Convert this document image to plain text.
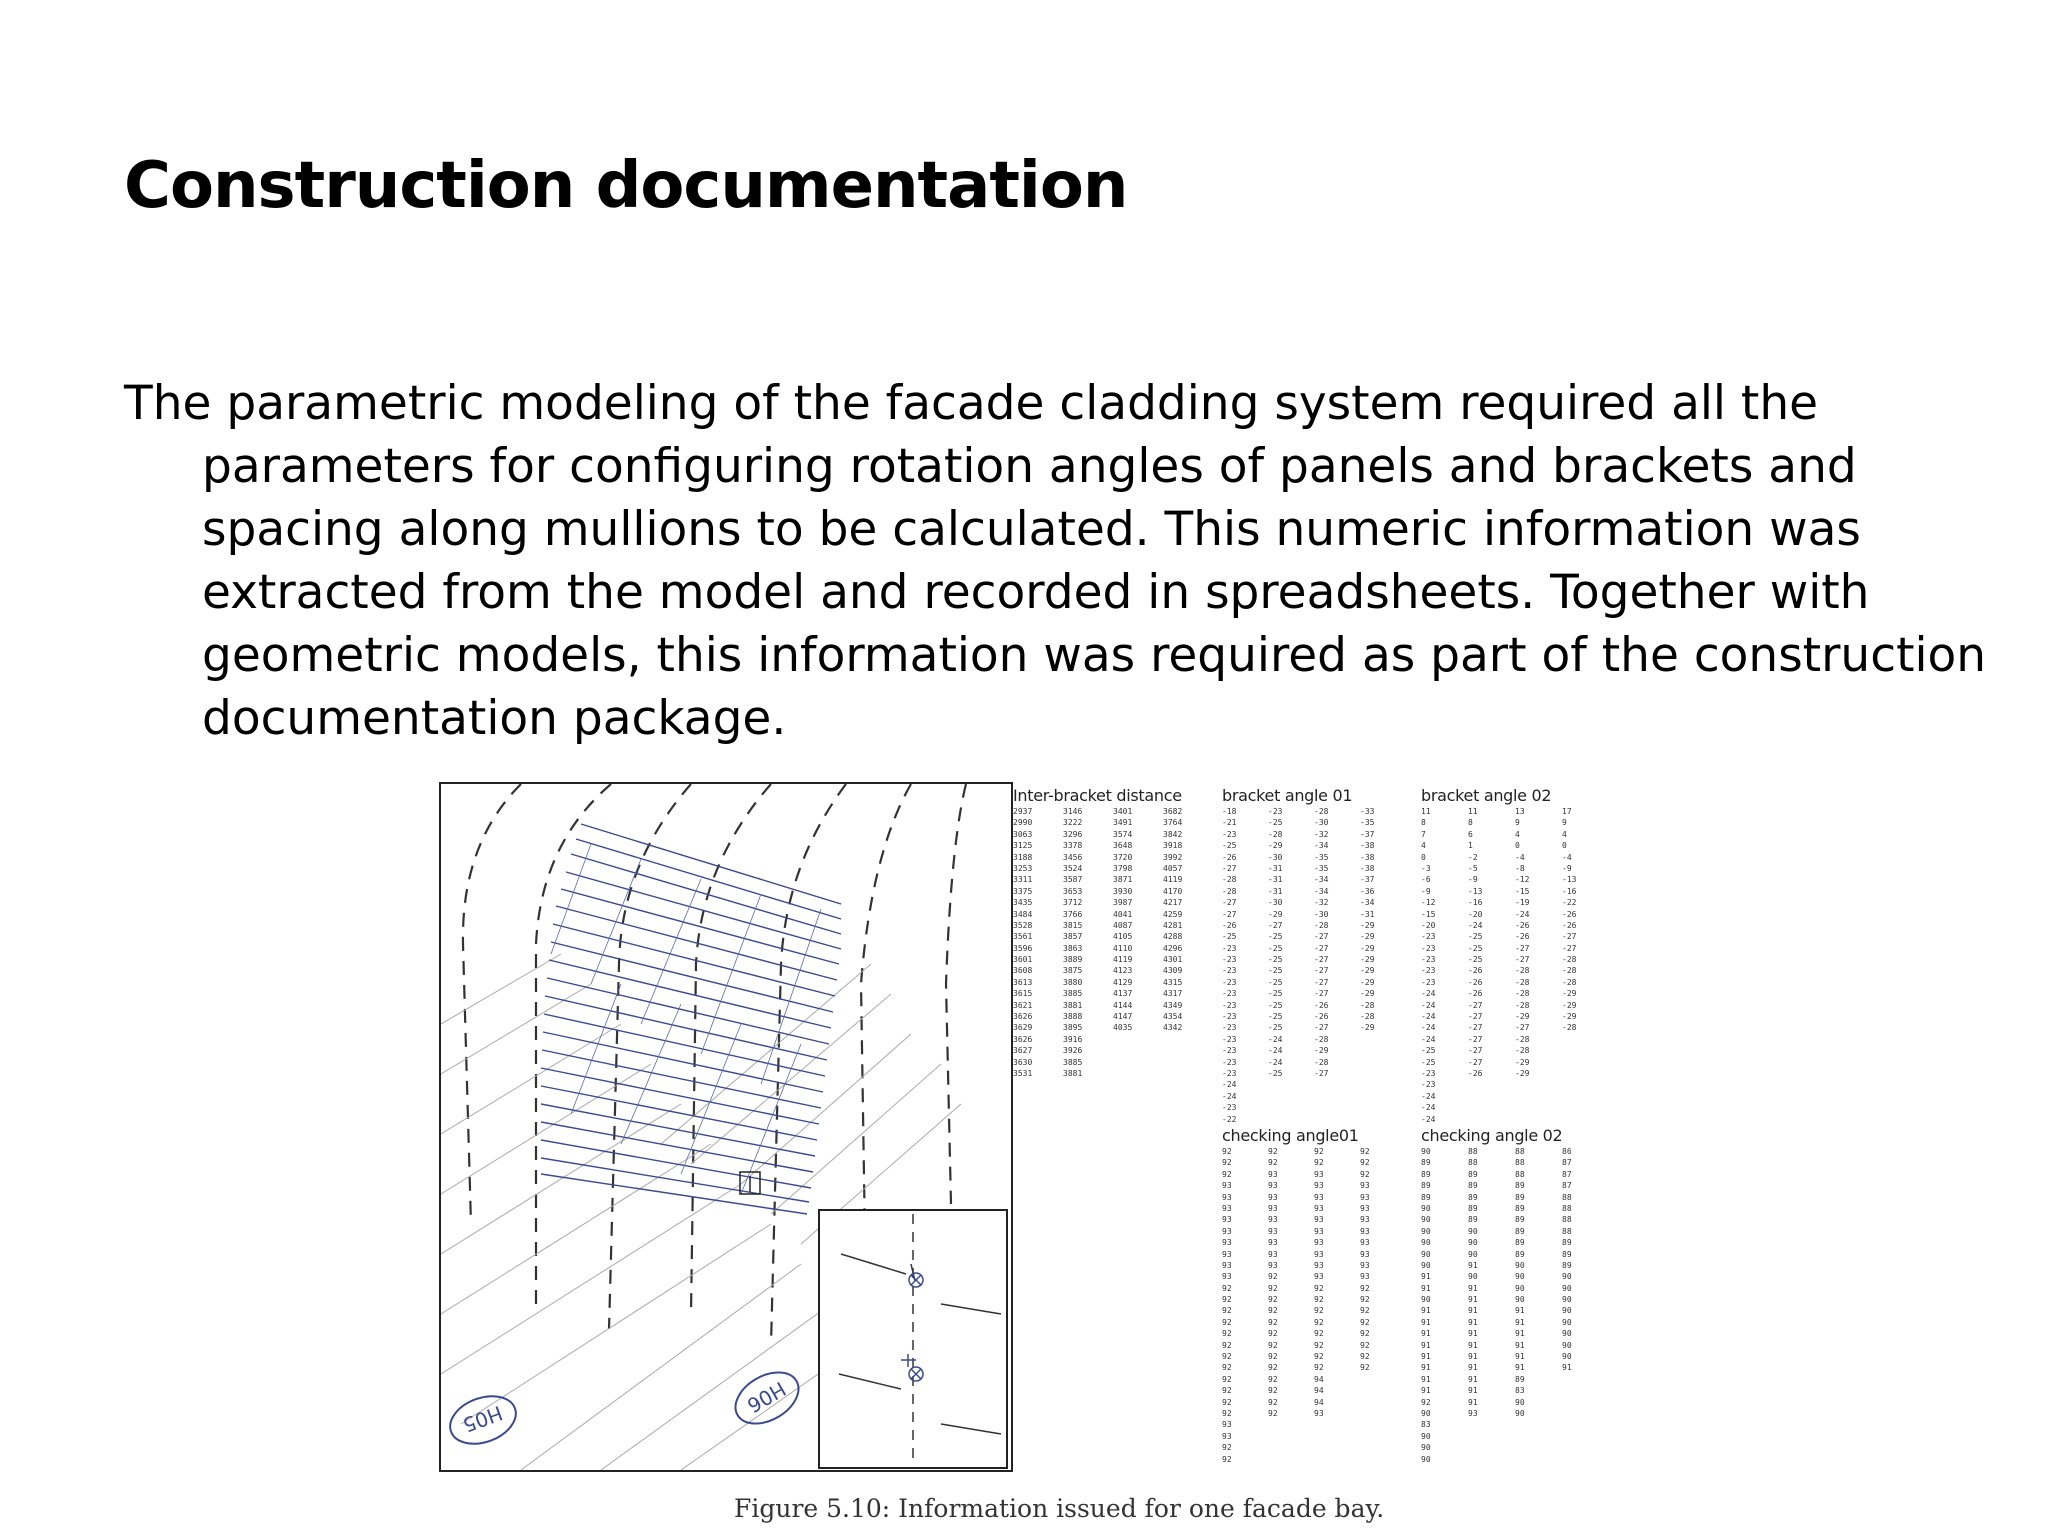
Construction documentation

The parametric modeling of the facade cladding system required all the parameters for configuring rotation angles of panels and brackets and spacing along mullions to be calculated. This numeric information was extracted from the model and recorded in spreadsheets. Together with geometric models, this information was required as part of the construction documentation package.

H05
H06
Inter-bracket distance
2937
2990
3063
3125
3188
3253
3311
3375
3435
3484
3528
3561
3596
3601
3608
3613
3615
3621
3626
3629
3626
3627
3630
3531
3146
3222
3296
3378
3456
3524
3587
3653
3712
3766
3815
3857
3863
3889
3875
3880
3885
3881
3888
3895
3916
3926
3885
3881
3401
3491
3574
3648
3720
3798
3871
3930
3987
4041
4087
4105
4110
4119
4123
4129
4137
4144
4147
4035
3682
3764
3842
3918
3992
4057
4119
4170
4217
4259
4281
4288
4296
4301
4309
4315
4317
4349
4354
4342
bracket angle 01
-18
-21
-23
-25
-26
-27
-28
-28
-27
-27
-26
-25
-23
-23
-23
-23
-23
-23
-23
-23
-23
-23
-23
-23
-24
-24
-23
-22
-23
-25
-28
-29
-30
-31
-31
-31
-30
-29
-27
-25
-25
-25
-25
-25
-25
-25
-25
-25
-24
-24
-24
-25
-28
-30
-32
-34
-35
-35
-34
-34
-32
-30
-28
-27
-27
-27
-27
-27
-27
-26
-26
-27
-28
-29
-28
-27
-33
-35
-37
-38
-38
-38
-37
-36
-34
-31
-29
-29
-29
-29
-29
-29
-29
-28
-28
-29
bracket angle 02
11
8
7
4
0
-3
-6
-9
-12
-15
-20
-23
-23
-23
-23
-23
-24
-24
-24
-24
-24
-25
-25
-23
-23
-24
-24
-24
11
8
6
1
-2
-5
-9
-13
-16
-20
-24
-25
-25
-25
-26
-26
-26
-27
-27
-27
-27
-27
-27
-26
13
9
4
0
-4
-8
-12
-15
-19
-24
-26
-26
-27
-27
-28
-28
-28
-28
-29
-27
-28
-28
-29
-29
17
9
4
0
-4
-9
-13
-16
-22
-26
-26
-27
-27
-28
-28
-28
-29
-29
-29
-28
checking angle01
92
92
92
93
93
93
93
93
93
93
93
93
92
92
92
92
92
92
92
92
92
92
92
92
93
93
92
92
92
92
93
93
93
93
93
93
93
93
93
92
92
92
92
92
92
92
92
92
92
92
92
92
92
92
93
93
93
93
93
93
93
93
93
93
92
92
92
92
92
92
92
92
94
94
94
93
92
92
92
93
93
93
93
93
93
93
93
93
92
92
92
92
92
92
92
92
checking angle 02
90
89
89
89
89
90
90
90
90
90
90
91
91
90
91
91
91
91
91
91
91
91
92
90
83
90
90
90
88
88
89
89
89
89
89
90
90
90
91
90
91
91
91
91
91
91
91
91
91
91
91
93
88
88
88
89
89
89
89
89
89
89
90
90
90
90
91
91
91
91
91
91
89
83
90
90
86
87
87
87
88
88
88
88
89
89
89
90
90
90
90
90
90
90
90
91

Figure 5.10: Information issued for one facade bay.
